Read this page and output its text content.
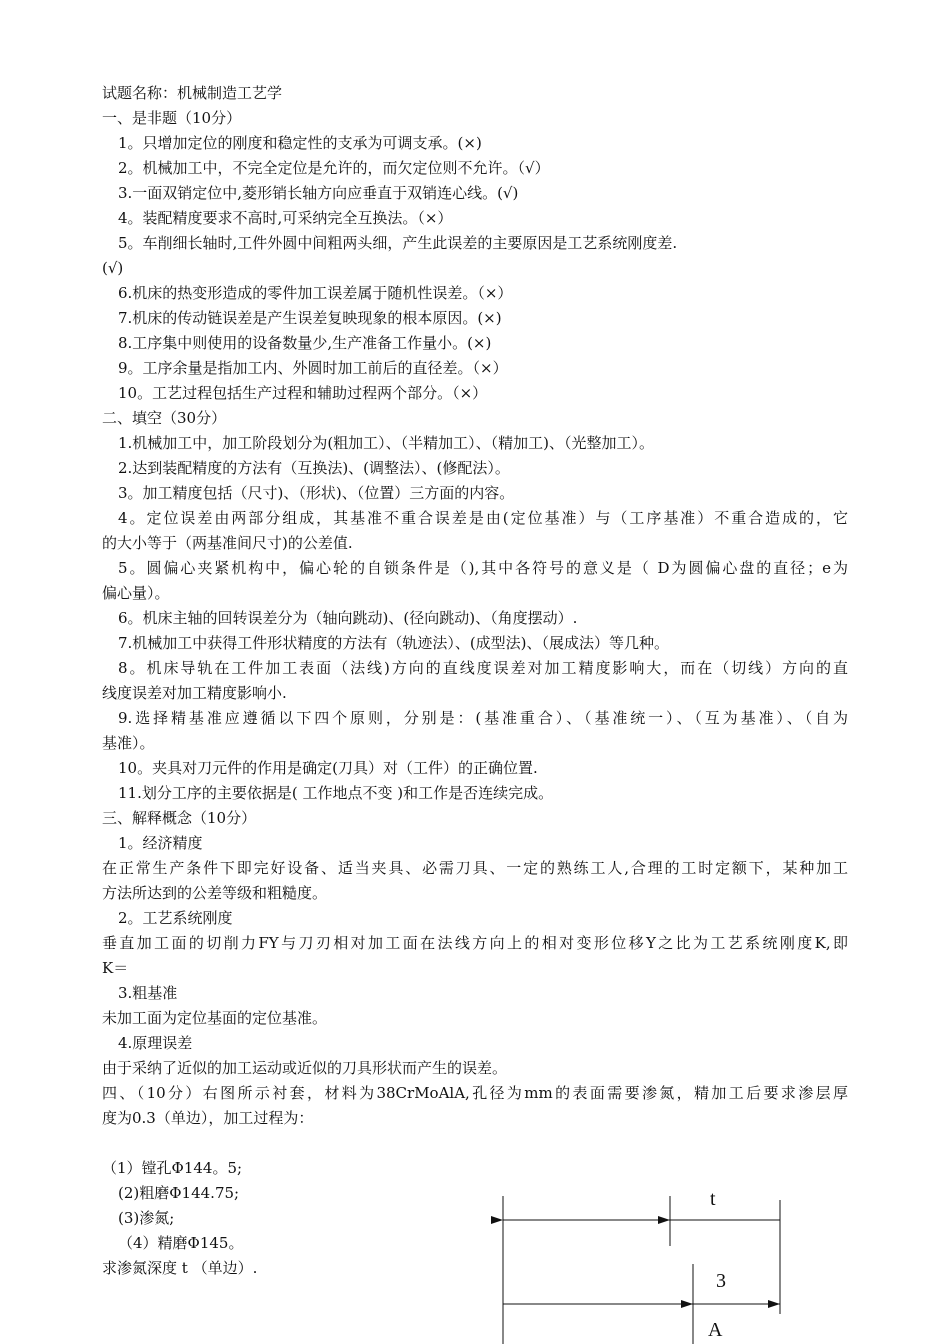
试题名称：机械制造工艺学
一、是非题（10分）
1。只增加定位的刚度和稳定性的支承为可调支承。(×)
2。机械加工中，不完全定位是允许的，而欠定位则不允许。（√）
3.一面双销定位中,菱形销长轴方向应垂直于双销连心线。(√)
4。装配精度要求不高时,可采纳完全互换法。（×）
5。车削细长轴时,工件外圆中间粗两头细，产生此误差的主要原因是工艺系统刚度差.
(√)
6.机床的热变形造成的零件加工误差属于随机性误差。（×）
7.机床的传动链误差是产生误差复映现象的根本原因。(×)
8.工序集中则使用的设备数量少,生产准备工作量小。(×)
9。工序余量是指加工内、外圆时加工前后的直径差。（×）
10。工艺过程包括生产过程和辅助过程两个部分。（×）
二、填空（30分）
1.机械加工中，加工阶段划分为(粗加工）、（半精加工）、（精加工)、（光整加工）。
2.达到装配精度的方法有（互换法)、(调整法）、(修配法）。
3。加工精度包括（尺寸)、（形状)、（位置）三方面的内容。
4。定位误差由两部分组成，其基准不重合误差是由(定位基准）与（工序基准）不重合造成的，它
的大小等于（两基准间尺寸)的公差值.
5。圆偏心夹紧机构中，偏心轮的自锁条件是（),其中各符号的意义是（ D为圆偏心盘的直径；e为
偏心量）。
6。机床主轴的回转误差分为（轴向跳动)、(径向跳动)、（角度摆动）.
7.机械加工中获得工件形状精度的方法有（轨迹法）、(成型法)、（展成法）等几种。
8。机床导轨在工件加工表面（法线)方向的直线度误差对加工精度影响大，而在（切线）方向的直
线度误差对加工精度影响小.
9.选择精基准应遵循以下四个原则，分别是：(基准重合）、（基准统一）、（互为基准）、（自为
基准）。
10。夹具对刀元件的作用是确定(刀具）对（工件）的正确位置.
11.划分工序的主要依据是( 工作地点不变 )和工作是否连续完成。
三、解释概念（10分）
1。经济精度
在正常生产条件下即完好设备、适当夹具、必需刀具、一定的熟练工人,合理的工时定额下，某种加工
方法所达到的公差等级和粗糙度。
2。工艺系统刚度
垂直加工面的切削力FY与刀刃相对加工面在法线方向上的相对变形位移Y之比为工艺系统刚度K,即
K＝
3.粗基准
未加工面为定位基面的定位基准。
4.原理误差
由于采纳了近似的加工运动或近似的刀具形状而产生的误差。
四、（10分）右图所示衬套，材料为38CrMoAlA,孔径为mm的表面需要渗氮，精加工后要求渗层厚
度为0.3（单边），加工过程为：
（1）镗孔Φ144。5;
(2)粗磨Φ144.75;
(3)渗氮;
（4）精磨Φ145。
求渗氮深度 t （单边）.
t
3
A
